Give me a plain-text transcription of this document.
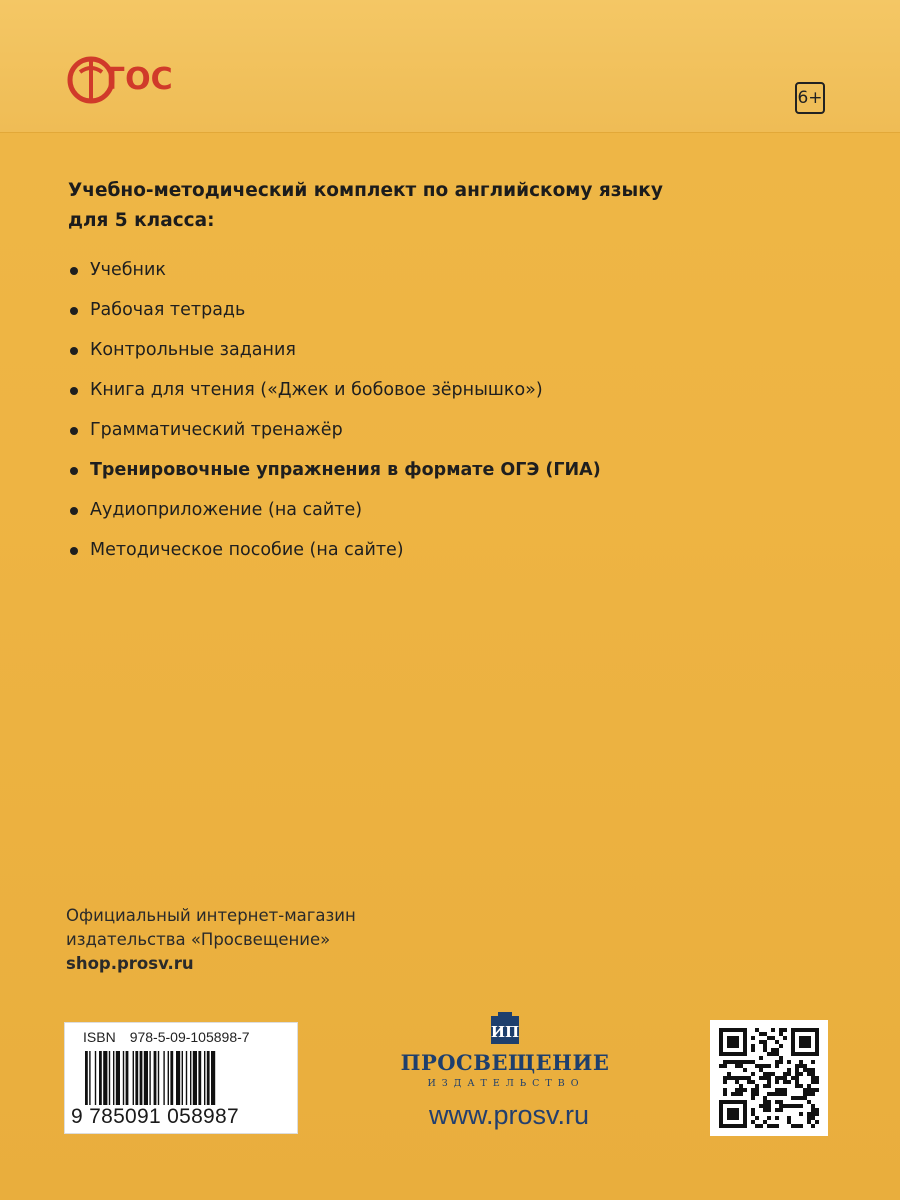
ГОС
6+
Учебно-методический комплект по английскому языку
для 5 класса:
Учебник
Рабочая тетрадь
Контрольные задания
Книга для чтения («Джек и бобовое зёрнышко»)
Грамматический тренажёр
Тренировочные упражнения в формате ОГЭ (ГИА)
Аудиоприложение (на сайте)
Методическое пособие (на сайте)
Официальный интернет-магазин
издательства «Просвещение»
shop.prosv.ru
ISBN 978-5-09-105898-7
9 785091 058987
ИП
ПРОСВЕЩЕНИЕ
ИЗДАТЕЛЬСТВО
www.prosv.ru
